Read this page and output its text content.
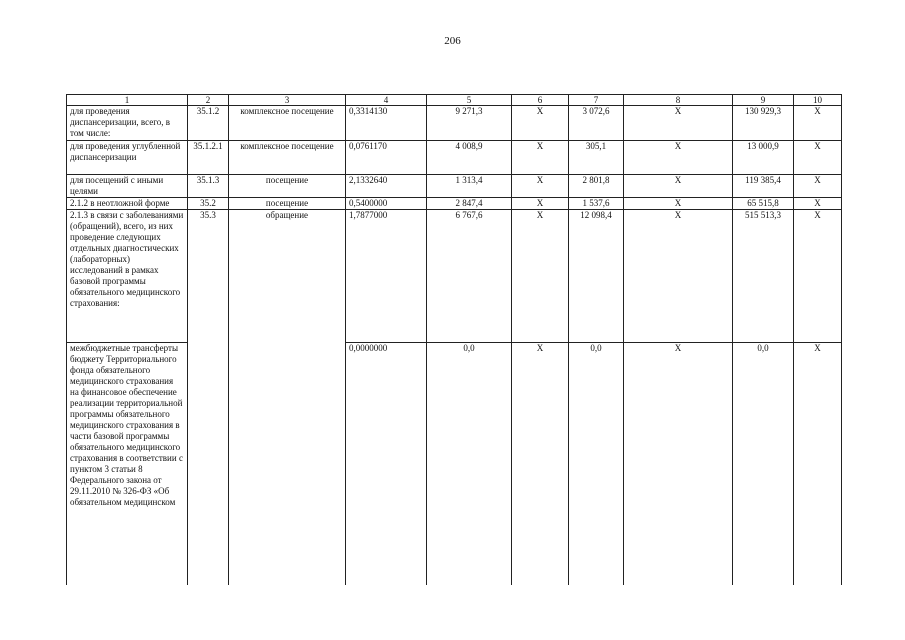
206
1	2	3	4	5	6	7	8	9	10
для проведения диспансеризации, всего, в том числе:	35.1.2	комплексное посещение	0,3314130	9 271,3	X	3 072,6	X	130 929,3	X
для проведения углубленной диспансеризации	35.1.2.1	комплексное посещение	0,0761170	4 008,9	X	305,1	X	13 000,9	X
для посещений с иными целями	35.1.3	посещение	2,1332640	1 313,4	X	2 801,8	X	119 385,4	X
2.1.2 в неотложной форме	35.2	посещение	0,5400000	2 847,4	X	1 537,6	X	65 515,8	X
2.1.3 в связи с заболеваниями (обращений), всего, из них проведение следующих отдельных диагностических (лабораторных) исследований в рамках базовой программы обязательного медицинского страхования:	35.3	обращение	1,7877000	6 767,6	X	12 098,4	X	515 513,3	X
межбюджетные трансферты бюджету Территориального фонда обязательного медицинского страхования на финансовое обеспечение реализации территориальной программы обязательного медицинского страхования в части базовой программы обязательного медицинского страхования в соответствии с пунктом 3 статьи 8 Федерального закона от 29.11.2010 № 326-ФЗ «Об обязательном медицинском			0,0000000	0,0	X	0,0	X	0,0	X
